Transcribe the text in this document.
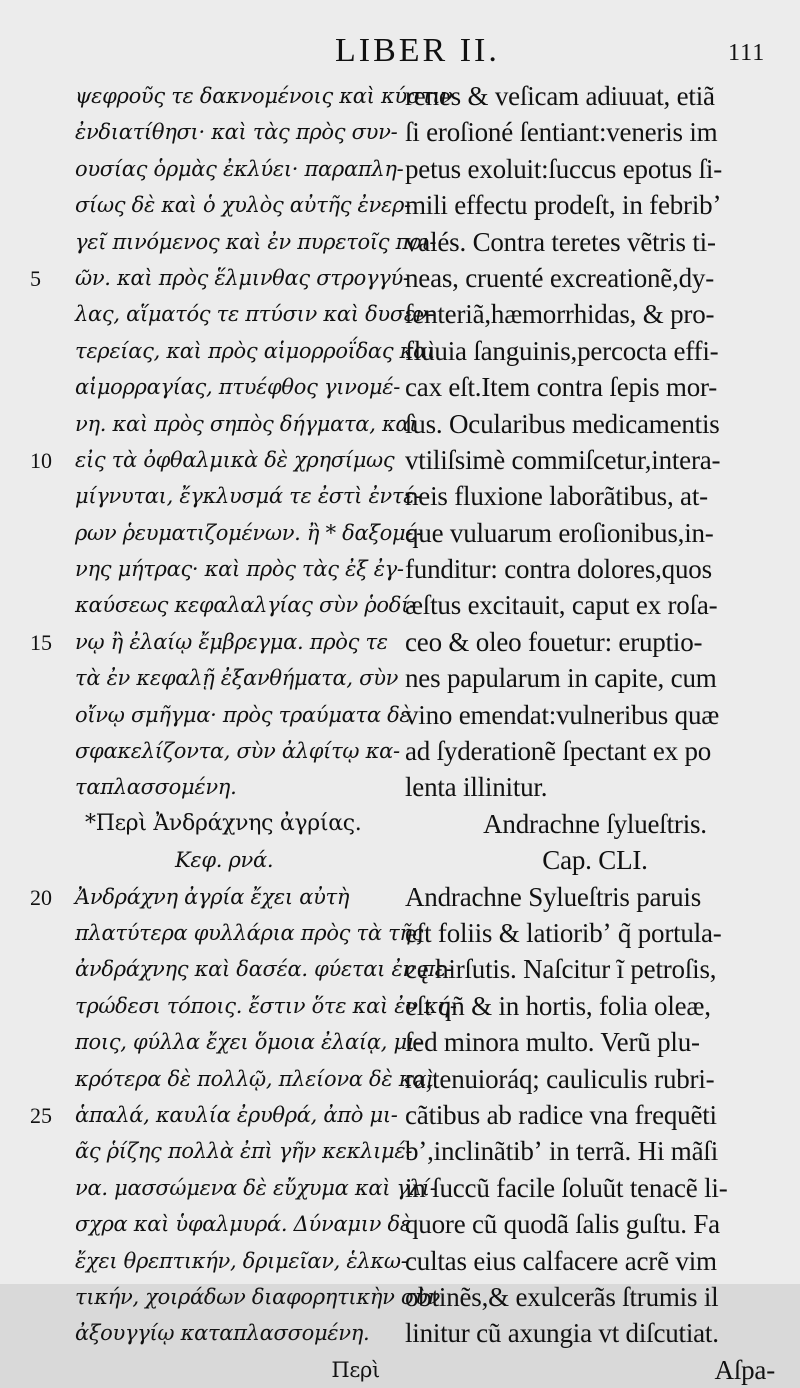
LIBER II.	111
5
10
15
20
25
ψεφροῦς τε δακνομένοις καὶ κύστιν
ἐνδιατίθησι· καὶ τὰς πρὸς συν-
ουσίας ὁρμὰς ἐκλύει· παραπλη-
σίως δὲ καὶ ὁ χυλὸς αὐτῆς ἐνερ-
γεῖ πινόμενος καὶ ἐν πυρετοῖς ποι-
ῶν. καὶ πρὸς ἕλμινθας στρογγύ-
λας, αἵματός τε πτύσιν καὶ δυσεν-
τερείας, καὶ πρὸς αἱμορροΐδας καὶ
αἱμορραγίας, πτυέφθος γινομέ-
νη. καὶ πρὸς σηπὸς δήγματα, καὶ
εἰς τὰ ὀφθαλμικὰ δὲ χρησίμως
μίγνυται, ἔγκλυσμά τε ἐστὶ ἐντέ-
ρων ῥευματιζομένων. ἢ * δαξομέ-
νης μήτρας· καὶ πρὸς τὰς ἐξ ἐγ-
καύσεως κεφαλαλγίας σὺν ῥοδί-
νῳ ἢ ἐλαίῳ ἔμβρεγμα. πρὸς τε
τὰ ἐν κεφαλῇ ἐξανθήματα, σὺν
οἴνῳ σμῆγμα· πρὸς τραύματα δὲ
σφακελίζοντα, σὺν ἀλφίτῳ κα-
ταπλασσομένη.
*Περὶ Ἀνδράχνης ἀγρίας.
Κεφ. ρνά.
Ἀνδράχνη ἀγρία ἔχει αὐτὴ
πλατύτερα φυλλάρια πρὸς τὰ τῆς
ἀνδράχνης καὶ δασέα. φύεται ἐν πε-
τρώδεσι τόποις. ἔστιν ὅτε καὶ ἐν κή-
ποις, φύλλα ἔχει ὅμοια ἐλαίᾳ, μι-
κρότερα δὲ πολλῷ, πλείονα δὲ καὶ
ἁπαλά, καυλία ἐρυθρά, ἀπὸ μι-
ᾶς ῥίζης πολλὰ ἐπὶ γῆν κεκλιμέ-
να. μασσώμενα δὲ εὔχυμα καὶ γλί-
σχρα καὶ ὑφαλμυρά. Δύναμιν δὲ
ἔχει θρεπτικήν, δριμεῖαν, ἑλκω-
τικήν, χοιράδων διαφορητικὴν σὺν
ἀξουγγίῳ καταπλασσομένη.
Περὶ
renes & veſicam adiuuat, etiã
ſi eroſioné ſentiant:veneris im
petus exoluit:ſuccus epotus ſi-
mili effectu prodeſt, in febribʼ
valés. Contra teretes vẽtris ti-
neas, cruenté excreationẽ,dy-
ſenteriã,hæmorrhidas, & pro-
fluuia ſanguinis,percocta effi-
cax eſt.Item contra ſepis mor-
ſus. Ocularibus medicamentis
vtiliſsimè commiſcetur,intera-
neis fluxione laborãtibus, at-
que vuluarum eroſionibus,in-
funditur: contra dolores,quos
æſtus excitauit, caput ex roſa-
ceo & oleo fouetur: eruptio-
nes papularum in capite, cum
vino emendat:vulneribus quæ
ad ſyderationẽ ſpectant ex po
lenta illinitur.
Andrachne ſylueſtris.
Cap. CLI.
Andrachne Sylueſtris paruis
eſt foliis & latioribʼ q̃ portula-
cę hirſutis. Naſcitur ĩ petroſis,
eſt qñ & in hortis, folia oleæ,
ſed minora multo. Verũ plu-
ra,tenuioráq; cauliculis rubri-
cãtibus ab radice vna frequẽti
bʼ,inclinãtibʼ in terrã. Hi mãſi
in ſuccũ facile ſoluũt tenacẽ li-
quore cũ quodã ſalis guſtu. Fa
cultas eius calfacere acrẽ vim
obtinẽs,& exulcerãs ſtrumis il
linitur cũ axungia vt diſcutiat.
Aſpa-
